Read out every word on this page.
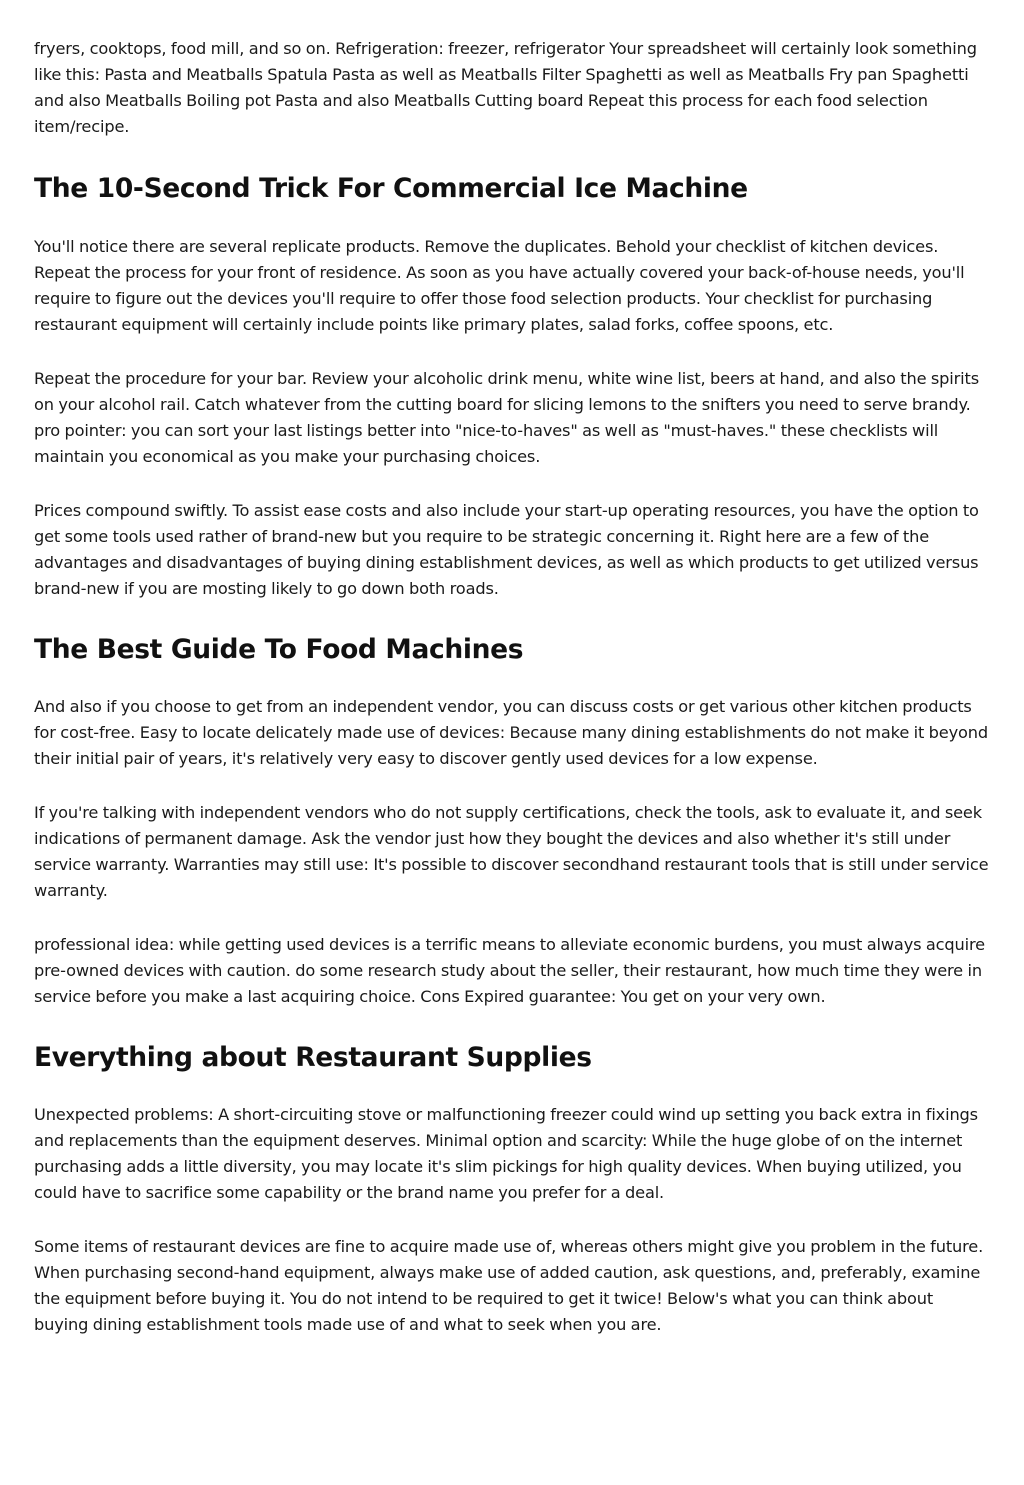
fryers, cooktops, food mill, and so on. Refrigeration: freezer, refrigerator Your spreadsheet will certainly look something like this: Pasta and Meatballs Spatula Pasta as well as Meatballs Filter Spaghetti as well as Meatballs Fry pan Spaghetti and also Meatballs Boiling pot Pasta and also Meatballs Cutting board Repeat this process for each food selection item/recipe.

The 10-Second Trick For Commercial Ice Machine

You'll notice there are several replicate products. Remove the duplicates. Behold your checklist of kitchen devices. Repeat the process for your front of residence. As soon as you have actually covered your back-of-house needs, you'll require to figure out the devices you'll require to offer those food selection products. Your checklist for purchasing restaurant equipment will certainly include points like primary plates, salad forks, coffee spoons, etc.

Repeat the procedure for your bar. Review your alcoholic drink menu, white wine list, beers at hand, and also the spirits on your alcohol rail. Catch whatever from the cutting board for slicing lemons to the snifters you need to serve brandy. pro pointer: you can sort your last listings better into "nice-to-haves" as well as "must-haves." these checklists will maintain you economical as you make your purchasing choices.

Prices compound swiftly. To assist ease costs and also include your start-up operating resources, you have the option to get some tools used rather of brand-new but you require to be strategic concerning it. Right here are a few of the advantages and disadvantages of buying dining establishment devices, as well as which products to get utilized versus brand-new if you are mosting likely to go down both roads.

The Best Guide To Food Machines

And also if you choose to get from an independent vendor, you can discuss costs or get various other kitchen products for cost-free. Easy to locate delicately made use of devices: Because many dining establishments do not make it beyond their initial pair of years, it's relatively very easy to discover gently used devices for a low expense.

If you're talking with independent vendors who do not supply certifications, check the tools, ask to evaluate it, and seek indications of permanent damage. Ask the vendor just how they bought the devices and also whether it's still under service warranty. Warranties may still use: It's possible to discover secondhand restaurant tools that is still under service warranty.

professional idea: while getting used devices is a terrific means to alleviate economic burdens, you must always acquire pre-owned devices with caution. do some research study about the seller, their restaurant, how much time they were in service before you make a last acquiring choice. Cons Expired guarantee: You get on your very own.

Everything about Restaurant Supplies

Unexpected problems: A short-circuiting stove or malfunctioning freezer could wind up setting you back extra in fixings and replacements than the equipment deserves. Minimal option and scarcity: While the huge globe of on the internet purchasing adds a little diversity, you may locate it's slim pickings for high quality devices. When buying utilized, you could have to sacrifice some capability or the brand name you prefer for a deal.

Some items of restaurant devices are fine to acquire made use of, whereas others might give you problem in the future. When purchasing second-hand equipment, always make use of added caution, ask questions, and, preferably, examine the equipment before buying it. You do not intend to be required to get it twice! Below's what you can think about buying dining establishment tools made use of and what to seek when you are.
